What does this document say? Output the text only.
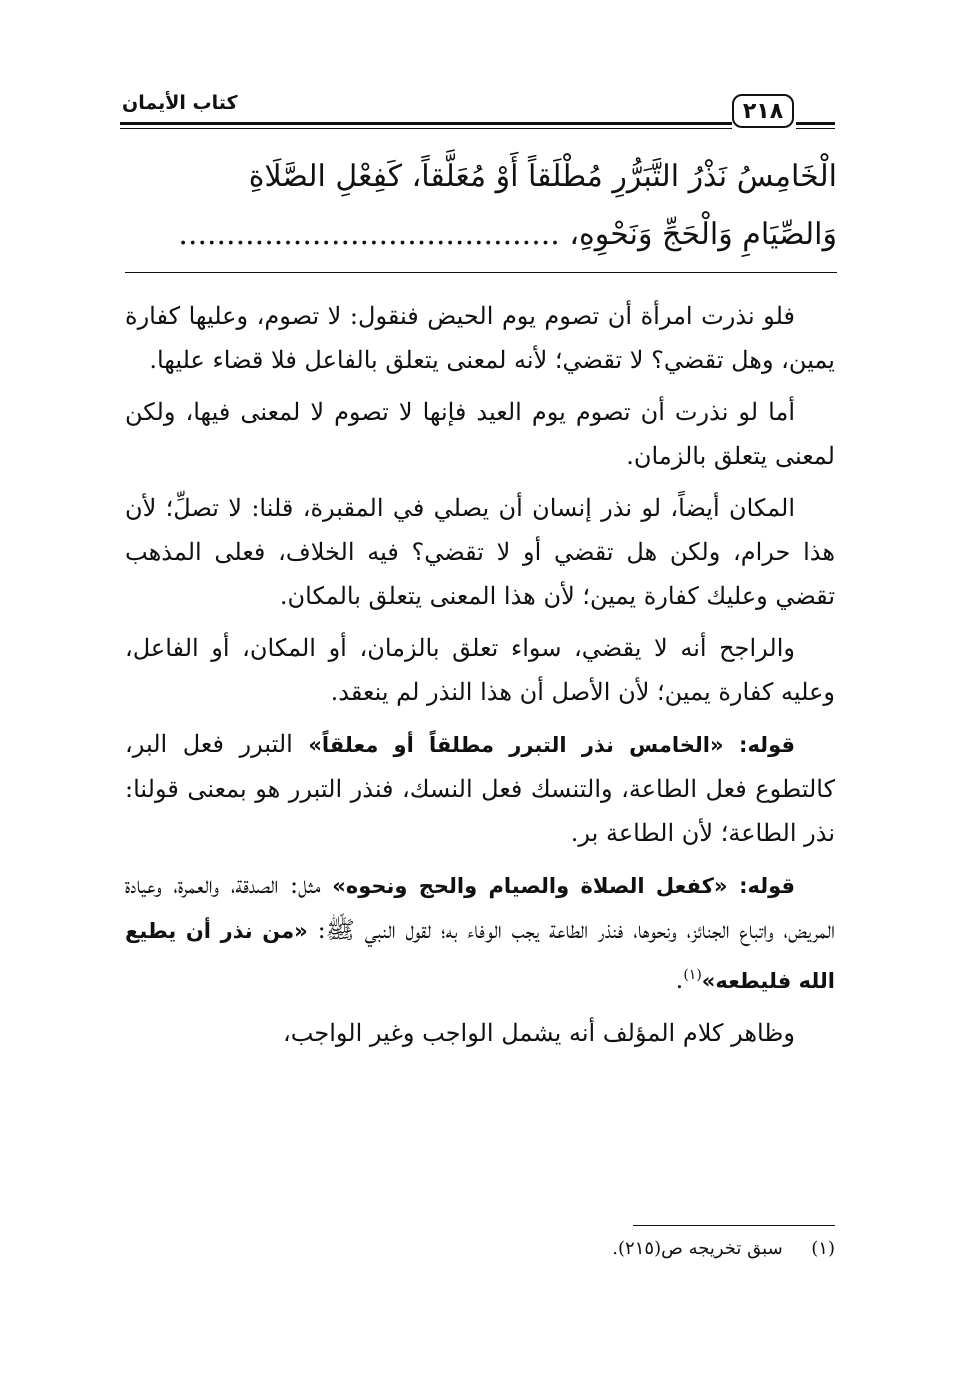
كتاب الأيمان	٢١٨
الْخَامِسُ نَذْرُ التَّبَرُّرِ مُطْلَقاً أَوْ مُعَلَّقاً، كَفِعْلِ الصَّلَاةِ
وَالصِّيَامِ وَالْحَجِّ وَنَحْوِهِ، ........................................

فلو نذرت امرأة أن تصوم يوم الحيض فنقول: لا تصوم، وعليها كفارة يمين، وهل تقضي؟ لا تقضي؛ لأنه لمعنى يتعلق بالفاعل فلا قضاء عليها.

أما لو نذرت أن تصوم يوم العيد فإنها لا تصوم لا لمعنى فيها، ولكن لمعنى يتعلق بالزمان.

المكان أيضاً، لو نذر إنسان أن يصلي في المقبرة، قلنا: لا تصلِّ؛ لأن هذا حرام، ولكن هل تقضي أو لا تقضي؟ فيه الخلاف، فعلى المذهب تقضي وعليك كفارة يمين؛ لأن هذا المعنى يتعلق بالمكان.

والراجح أنه لا يقضي، سواء تعلق بالزمان، أو المكان، أو الفاعل، وعليه كفارة يمين؛ لأن الأصل أن هذا النذر لم ينعقد.

قوله: «الخامس نذر التبرر مطلقاً أو معلقاً» التبرر فعل البر، كالتطوع فعل الطاعة، والتنسك فعل النسك، فنذر التبرر هو بمعنى قولنا: نذر الطاعة؛ لأن الطاعة بر.

قوله: «كفعل الصلاة والصيام والحج ونحوه» مثل: الصدقة، والعمرة، وعيادة المريض، واتباع الجنائز، ونحوها، فنذر الطاعة يجب الوفاء به؛ لقول النبي ﷺ: «من نذر أن يطيع الله فليطعه»$^{(١)}$.

وظاهر كلام المؤلف أنه يشمل الواجب وغير الواجب،

(١)     سبق تخريجه ص(٢١٥).
